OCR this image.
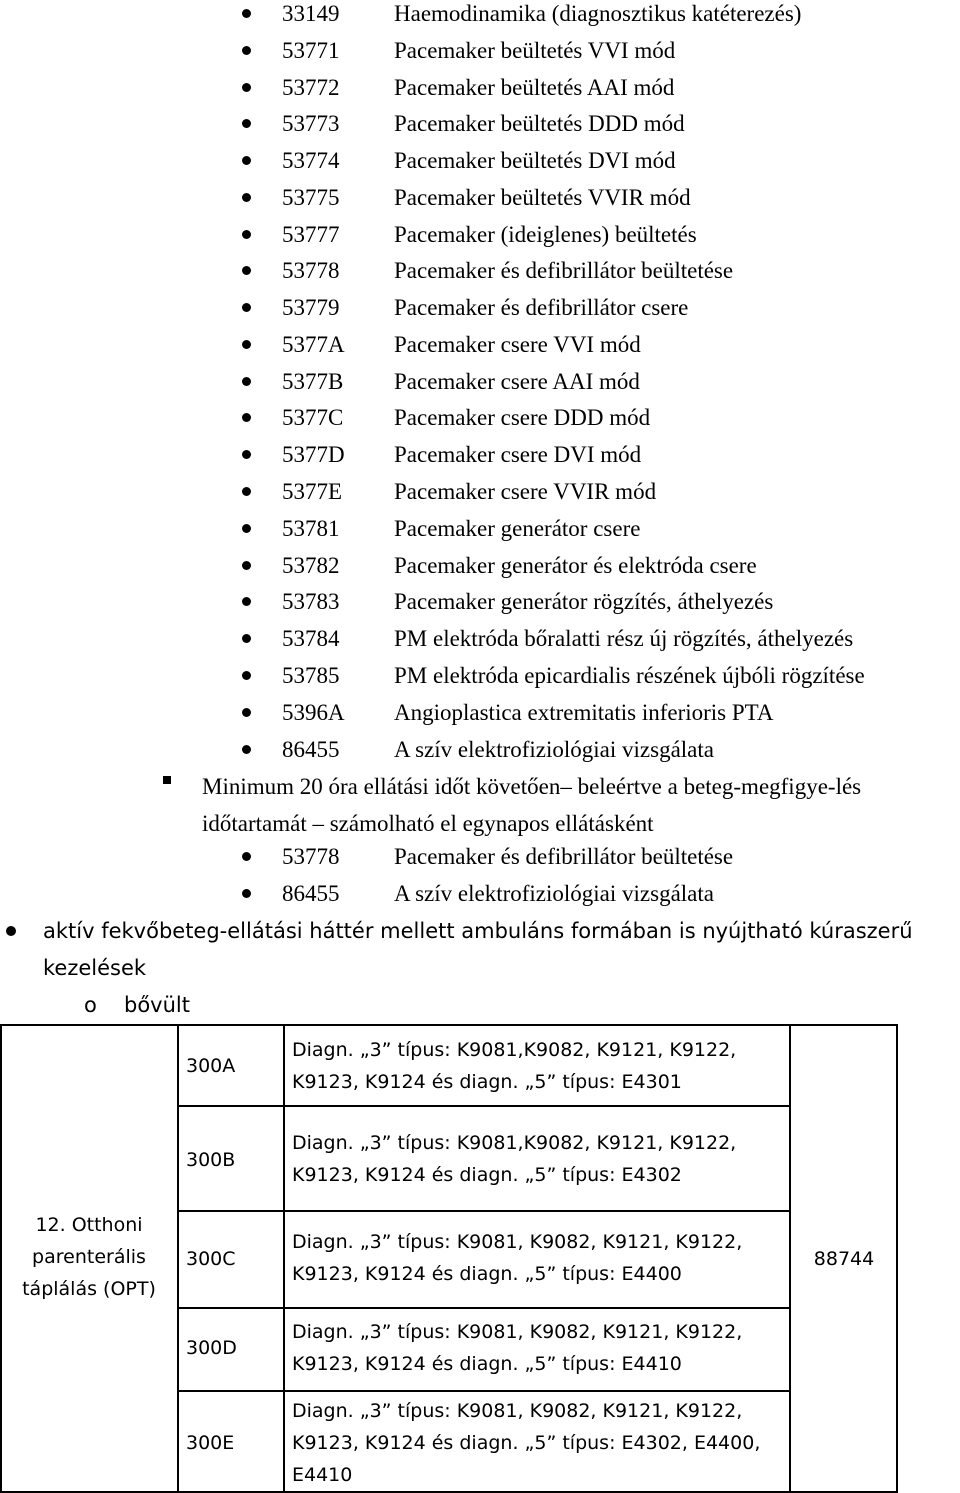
33149 Haemodinamika (diagnosztikus katéterezés)
53771 Pacemaker beültetés VVI mód
53772 Pacemaker beültetés AAI mód
53773 Pacemaker beültetés DDD mód
53774 Pacemaker beültetés DVI mód
53775 Pacemaker beültetés VVIR mód
53777 Pacemaker (ideiglenes) beültetés
53778 Pacemaker és defibrillátor beültetése
53779 Pacemaker és defibrillátor csere
5377A Pacemaker csere VVI mód
5377B Pacemaker csere AAI mód
5377C Pacemaker csere DDD mód
5377D Pacemaker csere DVI mód
5377E Pacemaker csere VVIR mód
53781 Pacemaker generátor csere
53782 Pacemaker generátor és elektróda csere
53783 Pacemaker generátor rögzítés, áthelyezés
53784 PM elektróda bőralatti rész új rögzítés, áthelyezés
53785 PM elektróda epicardialis részének újbóli rögzítése
5396A Angioplastica extremitatis inferioris PTA
86455 A szív elektrofiziológiai vizsgálata
Minimum 20 óra ellátási időt követően– beleértve a beteg-megfigye-lés időtartamát – számolható el egynapos ellátásként
53778 Pacemaker és defibrillátor beültetése
86455 A szív elektrofiziológiai vizsgálata
aktív fekvőbeteg-ellátási háttér mellett ambuláns formában is nyújtható kúraszerű kezelések
o bővült
12. Otthoni parenterális táplálás (OPT)
88744
300A
Diagn. „3” típus: K9081,K9082, K9121, K9122, K9123, K9124 és diagn. „5” típus: E4301
300B
Diagn. „3” típus: K9081,K9082, K9121, K9122, K9123, K9124 és diagn. „5” típus: E4302
300C
Diagn. „3” típus: K9081, K9082, K9121, K9122, K9123, K9124 és diagn. „5” típus: E4400
300D
Diagn. „3” típus: K9081, K9082, K9121, K9122, K9123, K9124 és diagn. „5” típus: E4410
300E
Diagn. „3” típus: K9081, K9082, K9121, K9122, K9123, K9124 és diagn. „5” típus: E4302, E4400, E4410
